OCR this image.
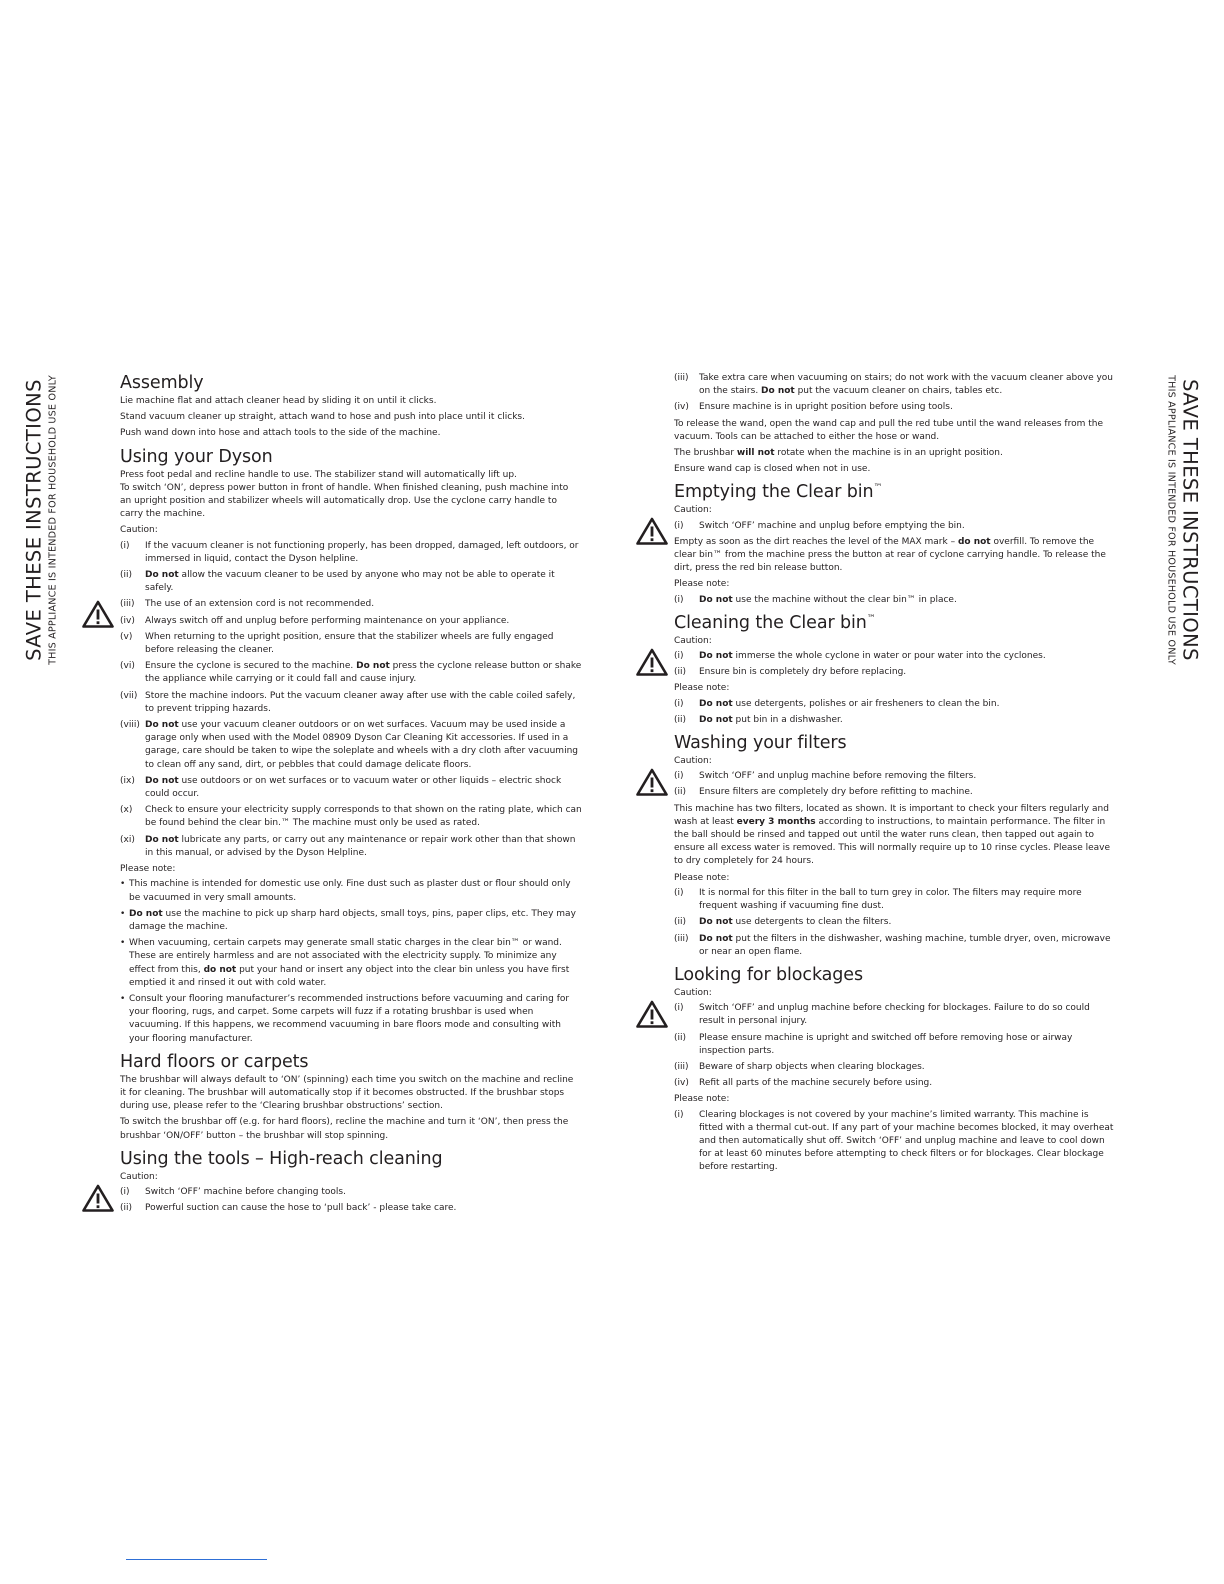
SAVE THESE INSTRUCTIONS THIS APPLIANCE IS INTENDED FOR HOUSEHOLD USE ONLY	SAVE THESE INSTRUCTIONS
THIS APPLIANCE IS INTENDED FOR HOUSEHOLD USE ONLY
Assembly

Lie machine flat and attach cleaner head by sliding it on until it clicks.

Stand vacuum cleaner up straight, attach wand to hose and push into place until it clicks.

Push wand down into hose and attach tools to the side of the machine.

Using your Dyson

Press foot pedal and recline handle to use. The stabilizer stand will automatically lift up.

To switch ‘ON’, depress power button in front of handle. When finished cleaning, push machine into an upright position and stabilizer wheels will automatically drop. Use the cyclone carry handle to carry the machine.

Caution:

(i)	If the vacuum cleaner is not functioning properly, has been dropped, damaged, left outdoors, or immersed in liquid, contact the Dyson helpline.
(ii)	Do not allow the vacuum cleaner to be used by anyone who may not be able to operate it safely.
(iii)	The use of an extension cord is not recommended.
(iv)	Always switch off and unplug before performing maintenance on your appliance.
(v)	When returning to the upright position, ensure that the stabilizer wheels are fully engaged before releasing the cleaner.
(vi)	Ensure the cyclone is secured to the machine. Do not press the cyclone release button or shake the appliance while carrying or it could fall and cause injury.
(vii) Store the machine indoors. Put the vacuum cleaner away after use with the cable coiled safely, to prevent tripping hazards.
(viii) Do not use your vacuum cleaner outdoors or on wet surfaces. Vacuum may be used inside a garage only when used with the Model 08909 Dyson Car Cleaning Kit accessories. If used in a garage, care should be taken to wipe the soleplate and wheels with a dry cloth after vacuuming to clean off any sand, dirt, or pebbles that could damage delicate floors.
(ix)	Do not use outdoors or on wet surfaces or to vacuum water or other liquids – electric shock could occur.
(x)	Check to ensure your electricity supply corresponds to that shown on the rating plate, which can be found behind the clear bin.™ The machine must only be used as rated.
(xi)	Do not lubricate any parts, or carry out any maintenance or repair work other than that shown in this manual, or advised by the Dyson Helpline.

Please note:

• This machine is intended for domestic use only. Fine dust such as plaster dust or flour should only be vacuumed in very small amounts.
• Do not use the machine to pick up sharp hard objects, small toys, pins, paper clips, etc. They may damage the machine.
• When vacuuming, certain carpets may generate small static charges in the clear bin™ or wand. These are entirely harmless and are not associated with the electricity supply. To minimize any effect from this, do not put your hand or insert any object into the clear bin unless you have first emptied it and rinsed it out with cold water.
• Consult your flooring manufacturer’s recommended instructions before vacuuming and caring for your flooring, rugs, and carpet. Some carpets will fuzz if a rotating brushbar is used when vacuuming. If this happens, we recommend vacuuming in bare floors mode and consulting with your flooring manufacturer.
Hard floors or carpets

The brushbar will always default to ‘ON’ (spinning) each time you switch on the machine and recline it for cleaning. The brushbar will automatically stop if it becomes obstructed. If the brushbar stops during use, please refer to the ‘Clearing brushbar obstructions’ section.

To switch the brushbar off (e.g. for hard floors), recline the machine and turn it ‘ON’, then press the brushbar ‘ON/OFF’ button – the brushbar will stop spinning.

Using the tools – High-reach cleaning

Caution:

(i)	Switch ‘OFF’ machine before changing tools.
(ii)	Powerful suction can cause the hose to ‘pull back’ - please take care.
(iii)	Take extra care when vacuuming on stairs; do not work with the vacuum cleaner above you on the stairs. Do not put the vacuum cleaner on chairs, tables etc.
(iv)	Ensure machine is in upright position before using tools.

To release the wand, open the wand cap and pull the red tube until the wand releases from the vacuum. Tools can be attached to either the hose or wand.

The brushbar will not rotate when the machine is in an upright position.

Ensure wand cap is closed when not in use.

Emptying the Clear bin™

Caution:

(i)	Switch ‘OFF’ machine and unplug before emptying the bin.

Empty as soon as the dirt reaches the level of the MAX mark – do not overfill. To remove the clear bin™ from the machine press the button at rear of cyclone carrying handle. To release the dirt, press the red bin release button.

Please note:

(i)	Do not use the machine without the clear bin™ in place.
Cleaning the Clear bin™

Caution:

(i)	Do not immerse the whole cyclone in water or pour water into the cyclones.
(ii)	Ensure bin is completely dry before replacing.

Please note:

(i)	Do not use detergents, polishes or air fresheners to clean the bin.
(ii)	Do not put bin in a dishwasher.
Washing your filters

Caution:

(i)	Switch ‘OFF’ and unplug machine before removing the filters.
(ii)	Ensure filters are completely dry before refitting to machine.

This machine has two filters, located as shown. It is important to check your filters regularly and wash at least every 3 months according to instructions, to maintain performance. The filter in the ball should be rinsed and tapped out until the water runs clean, then tapped out again to ensure all excess water is removed. This will normally require up to 10 rinse cycles. Please leave to dry completely for 24 hours.

Please note:

(i)	It is normal for this filter in the ball to turn grey in color. The filters may require more frequent washing if vacuuming fine dust.
(ii)	Do not use detergents to clean the filters.
(iii)	Do not put the filters in the dishwasher, washing machine, tumble dryer, oven, microwave or near an open flame.
Looking for blockages

Caution:

(i)	Switch ‘OFF’ and unplug machine before checking for blockages. Failure to do so could result in personal injury.
(ii)	Please ensure machine is upright and switched off before removing hose or airway inspection parts.
(iii)	Beware of sharp objects when clearing blockages.
(iv)	Refit all parts of the machine securely before using.

Please note:

(i)	Clearing blockages is not covered by your machine’s limited warranty. This machine is fitted with a thermal cut-out. If any part of your machine becomes blocked, it may overheat and then automatically shut off. Switch ‘OFF’ and unplug machine and leave to cool down for at least 60 minutes before attempting to check filters or for blockages. Clear blockage before restarting.
